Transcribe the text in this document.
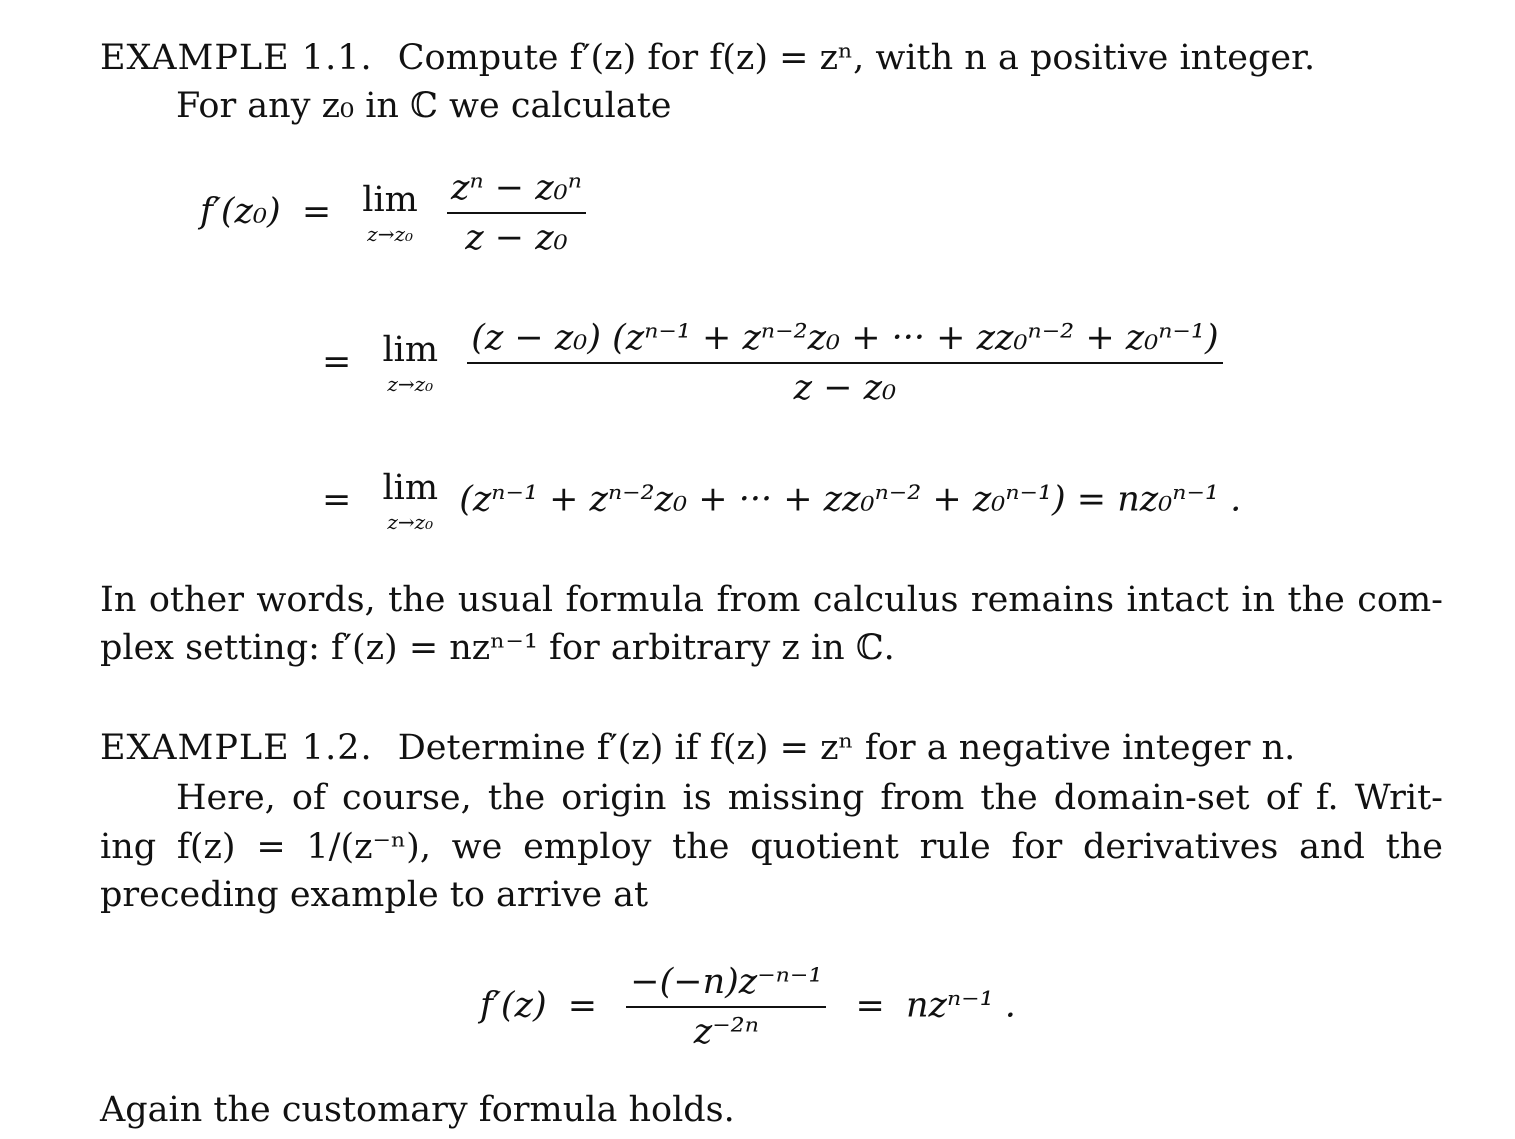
EXAMPLE 1.1. Compute f′(z) for f(z) = zⁿ, with n a positive integer.
For any z₀ in ℂ we calculate
f′(z₀) = lim
z→z₀
$\frac{\text{zⁿ − z₀ⁿ}}{\text{z − z₀}}$
= lim
z→z₀
$\frac{\text{(z − z₀) (zⁿ⁻¹ + zⁿ⁻²z₀ + ··· + zz₀ⁿ⁻² + z₀ⁿ⁻¹)}}{\text{z − z₀}}$
= lim
z→z₀
(zⁿ⁻¹ + zⁿ⁻²z₀ + ··· + zz₀ⁿ⁻² + z₀ⁿ⁻¹) = nz₀ⁿ⁻¹ .
In other words, the usual formula from calculus remains intact in the com-
plex setting: f′(z) = nzⁿ⁻¹ for arbitrary z in ℂ.
EXAMPLE 1.2. Determine f′(z) if f(z) = zⁿ for a negative integer n.
Here, of course, the origin is missing from the domain-set of f. Writ-
ing f(z) = 1/(z⁻ⁿ), we employ the quotient rule for derivatives and the
preceding example to arrive at
$f'(z) = \frac{\text{−(−n)z⁻ⁿ⁻¹}}{\text{z⁻²ⁿ}} = nz^{n-1}$ .
Again the customary formula holds.
